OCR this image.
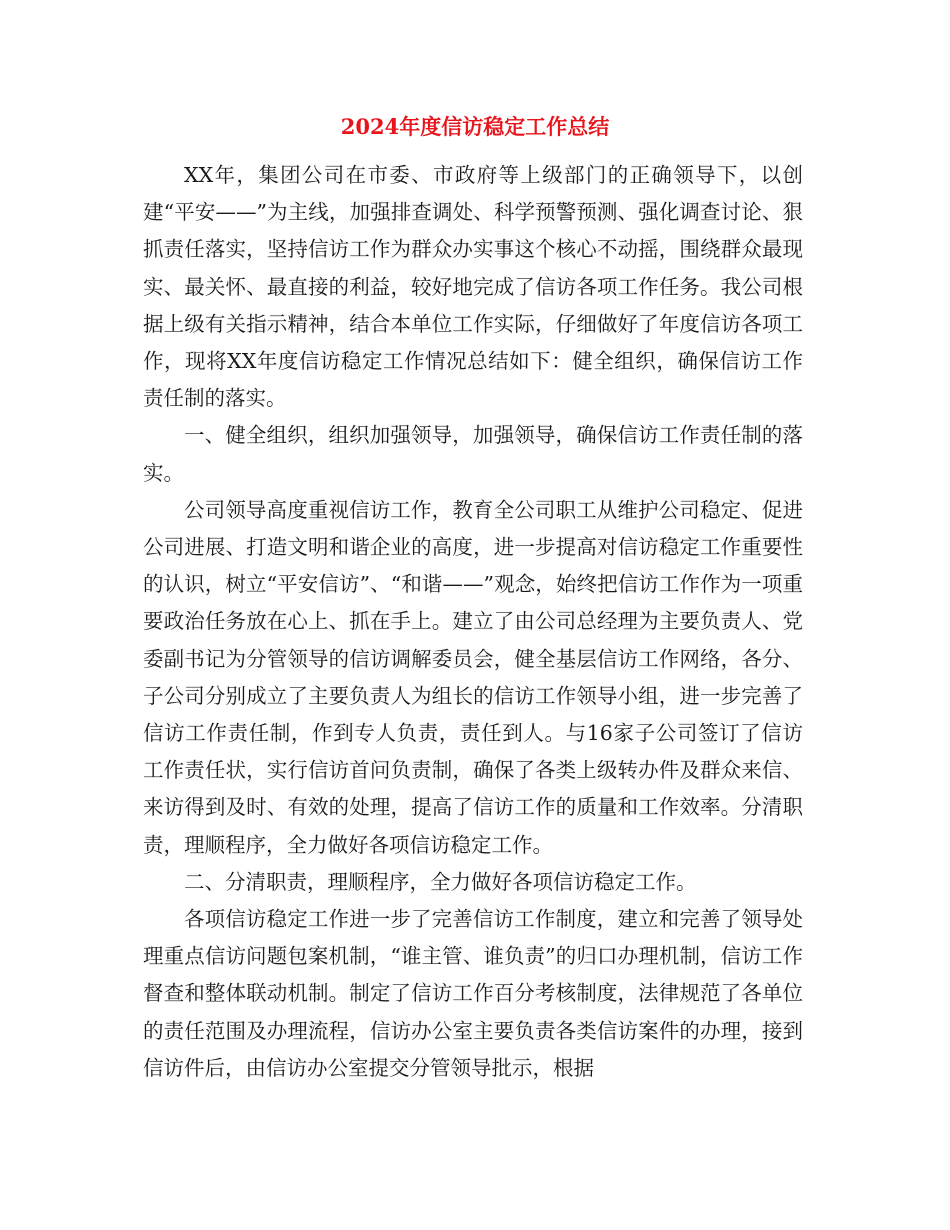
2024年度信访稳定工作总结

XX年，集团公司在市委、市政府等上级部门的正确领导下，以创建“平安——”为主线，加强排查调处、科学预警预测、强化调查讨论、狠抓责任落实，坚持信访工作为群众办实事这个核心不动摇，围绕群众最现实、最关怀、最直接的利益，较好地完成了信访各项工作任务。我公司根据上级有关指示精神，结合本单位工作实际，仔细做好了年度信访各项工作，现将XX年度信访稳定工作情况总结如下：健全组织，确保信访工作责任制的落实。

一、健全组织，组织加强领导，加强领导，确保信访工作责任制的落实。

公司领导高度重视信访工作，教育全公司职工从维护公司稳定、促进公司进展、打造文明和谐企业的高度，进一步提高对信访稳定工作重要性的认识，树立“平安信访”、“和谐——”观念，始终把信访工作作为一项重要政治任务放在心上、抓在手上。建立了由公司总经理为主要负责人、党委副书记为分管领导的信访调解委员会，健全基层信访工作网络，各分、子公司分别成立了主要负责人为组长的信访工作领导小组，进一步完善了信访工作责任制，作到专人负责，责任到人。与16家子公司签订了信访工作责任状，实行信访首问负责制，确保了各类上级转办件及群众来信、来访得到及时、有效的处理，提高了信访工作的质量和工作效率。分清职责，理顺程序，全力做好各项信访稳定工作。

二、分清职责，理顺程序，全力做好各项信访稳定工作。

各项信访稳定工作进一步了完善信访工作制度，建立和完善了领导处理重点信访问题包案机制，“谁主管、谁负责”的归口办理机制，信访工作督查和整体联动机制。制定了信访工作百分考核制度，法律规范了各单位的责任范围及办理流程，信访办公室主要负责各类信访案件的办理，接到信访件后，由信访办公室提交分管领导批示，根据
